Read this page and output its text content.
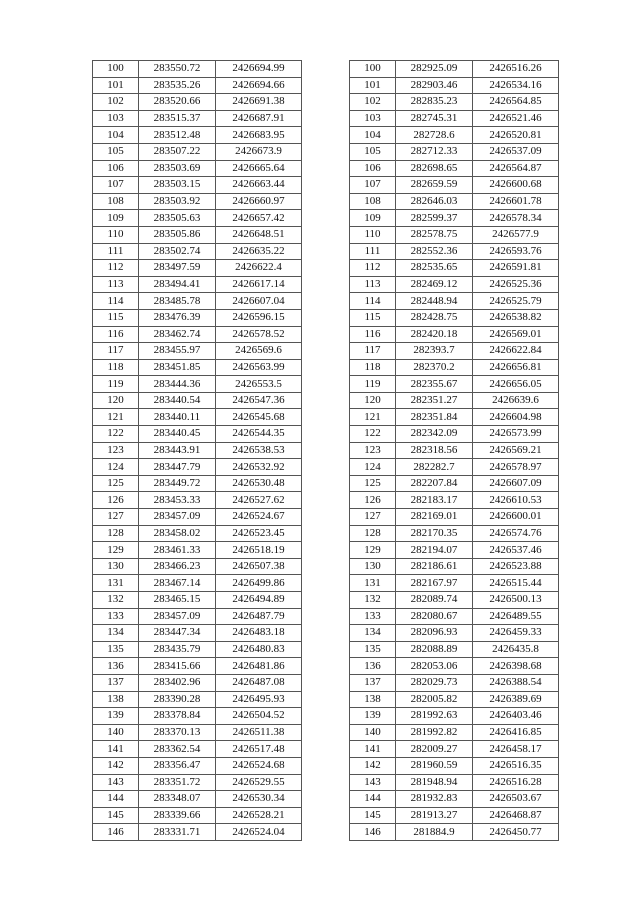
100	283550.72	2426694.99
101	283535.26	2426694.66
102	283520.66	2426691.38
103	283515.37	2426687.91
104	283512.48	2426683.95
105	283507.22	2426673.9
106	283503.69	2426665.64
107	283503.15	2426663.44
108	283503.92	2426660.97
109	283505.63	2426657.42
110	283505.86	2426648.51
111	283502.74	2426635.22
112	283497.59	2426622.4
113	283494.41	2426617.14
114	283485.78	2426607.04
115	283476.39	2426596.15
116	283462.74	2426578.52
117	283455.97	2426569.6
118	283451.85	2426563.99
119	283444.36	2426553.5
120	283440.54	2426547.36
121	283440.11	2426545.68
122	283440.45	2426544.35
123	283443.91	2426538.53
124	283447.79	2426532.92
125	283449.72	2426530.48
126	283453.33	2426527.62
127	283457.09	2426524.67
128	283458.02	2426523.45
129	283461.33	2426518.19
130	283466.23	2426507.38
131	283467.14	2426499.86
132	283465.15	2426494.89
133	283457.09	2426487.79
134	283447.34	2426483.18
135	283435.79	2426480.83
136	283415.66	2426481.86
137	283402.96	2426487.08
138	283390.28	2426495.93
139	283378.84	2426504.52
140	283370.13	2426511.38
141	283362.54	2426517.48
142	283356.47	2426524.68
143	283351.72	2426529.55
144	283348.07	2426530.34
145	283339.66	2426528.21
146	283331.71	2426524.04
100	282925.09	2426516.26
101	282903.46	2426534.16
102	282835.23	2426564.85
103	282745.31	2426521.46
104	282728.6	2426520.81
105	282712.33	2426537.09
106	282698.65	2426564.87
107	282659.59	2426600.68
108	282646.03	2426601.78
109	282599.37	2426578.34
110	282578.75	2426577.9
111	282552.36	2426593.76
112	282535.65	2426591.81
113	282469.12	2426525.36
114	282448.94	2426525.79
115	282428.75	2426538.82
116	282420.18	2426569.01
117	282393.7	2426622.84
118	282370.2	2426656.81
119	282355.67	2426656.05
120	282351.27	2426639.6
121	282351.84	2426604.98
122	282342.09	2426573.99
123	282318.56	2426569.21
124	282282.7	2426578.97
125	282207.84	2426607.09
126	282183.17	2426610.53
127	282169.01	2426600.01
128	282170.35	2426574.76
129	282194.07	2426537.46
130	282186.61	2426523.88
131	282167.97	2426515.44
132	282089.74	2426500.13
133	282080.67	2426489.55
134	282096.93	2426459.33
135	282088.89	2426435.8
136	282053.06	2426398.68
137	282029.73	2426388.54
138	282005.82	2426389.69
139	281992.63	2426403.46
140	281992.82	2426416.85
141	282009.27	2426458.17
142	281960.59	2426516.35
143	281948.94	2426516.28
144	281932.83	2426503.67
145	281913.27	2426468.87
146	281884.9	2426450.77
